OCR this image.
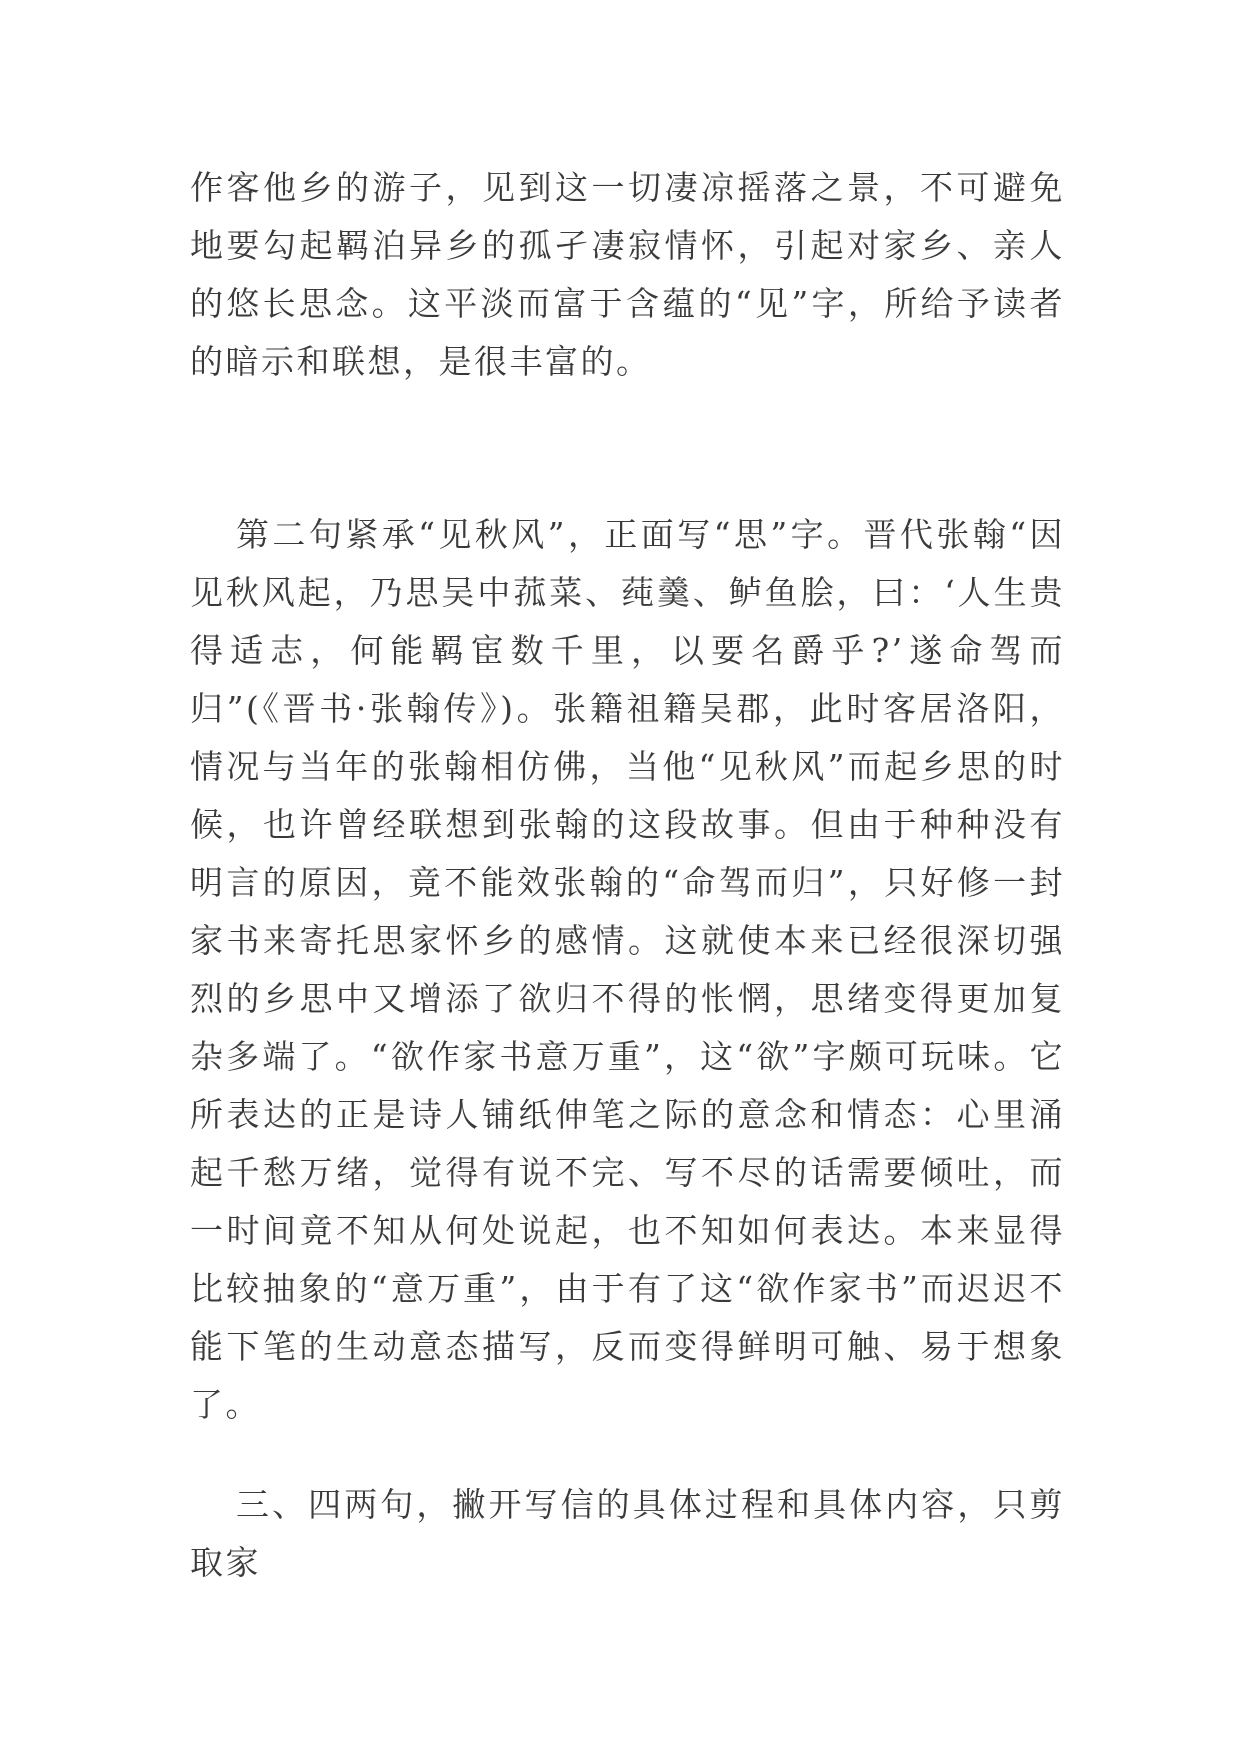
作客他乡的游子，见到这一切凄凉摇落之景，不可避免地要勾起羁泊异乡的孤孑凄寂情怀，引起对家乡、亲人的悠长思念。这平淡而富于含蕴的“见”字，所给予读者的暗示和联想，是很丰富的。

第二句紧承“见秋风”，正面写“思”字。晋代张翰“因见秋风起，乃思吴中菰菜、莼羹、鲈鱼脍，曰：‘人生贵得适志，何能羁宦数千里，以要名爵乎?’遂命驾而归”(《晋书·张翰传》)。张籍祖籍吴郡，此时客居洛阳，情况与当年的张翰相仿佛，当他“见秋风”而起乡思的时候，也许曾经联想到张翰的这段故事。但由于种种没有明言的原因，竟不能效张翰的“命驾而归”，只好修一封家书来寄托思家怀乡的感情。这就使本来已经很深切强烈的乡思中又增添了欲归不得的怅惘，思绪变得更加复杂多端了。“欲作家书意万重”，这“欲”字颇可玩味。它所表达的正是诗人铺纸伸笔之际的意念和情态：心里涌起千愁万绪，觉得有说不完、写不尽的话需要倾吐，而一时间竟不知从何处说起，也不知如何表达。本来显得比较抽象的“意万重”，由于有了这“欲作家书”而迟迟不能下笔的生动意态描写，反而变得鲜明可触、易于想象了。

三、四两句，撇开写信的具体过程和具体内容，只剪取家
